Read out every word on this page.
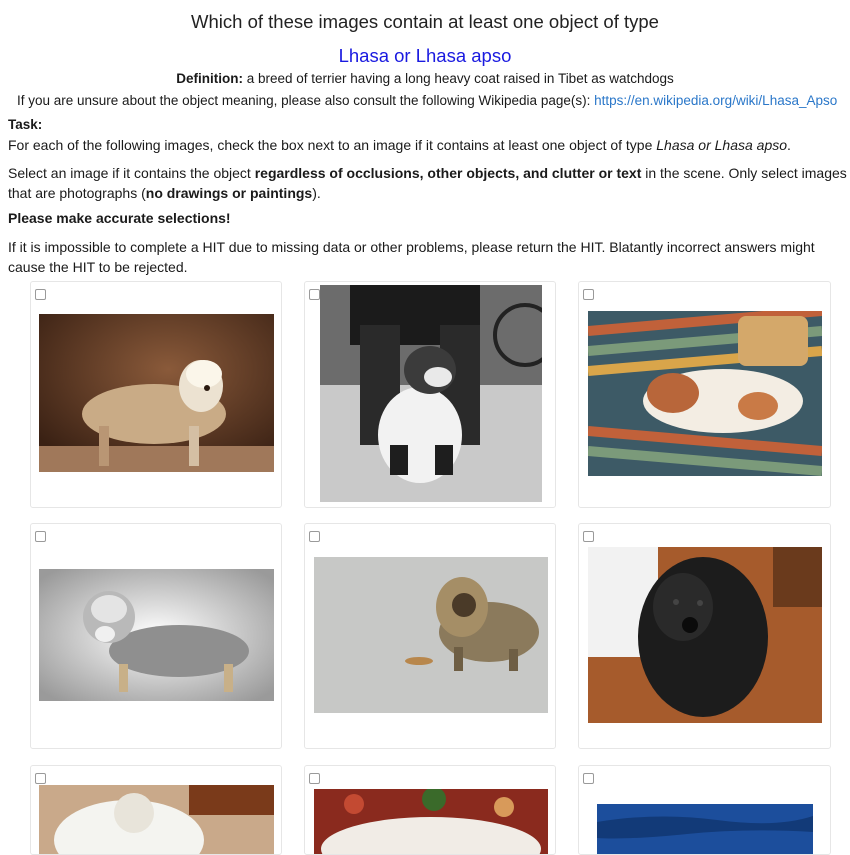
Which of these images contain at least one object of type
Lhasa or Lhasa apso
Definition: a breed of terrier having a long heavy coat raised in Tibet as watchdogs
If you are unsure about the object meaning, please also consult the following Wikipedia page(s): https://en.wikipedia.org/wiki/Lhasa_Apso
Task:
For each of the following images, check the box next to an image if it contains at least one object of type Lhasa or Lhasa apso.
Select an image if it contains the object regardless of occlusions, other objects, and clutter or text in the scene. Only select images that are photographs (no drawings or paintings).
Please make accurate selections!
If it is impossible to complete a HIT due to missing data or other problems, please return the HIT. Blatantly incorrect answers might cause the HIT to be rejected.
